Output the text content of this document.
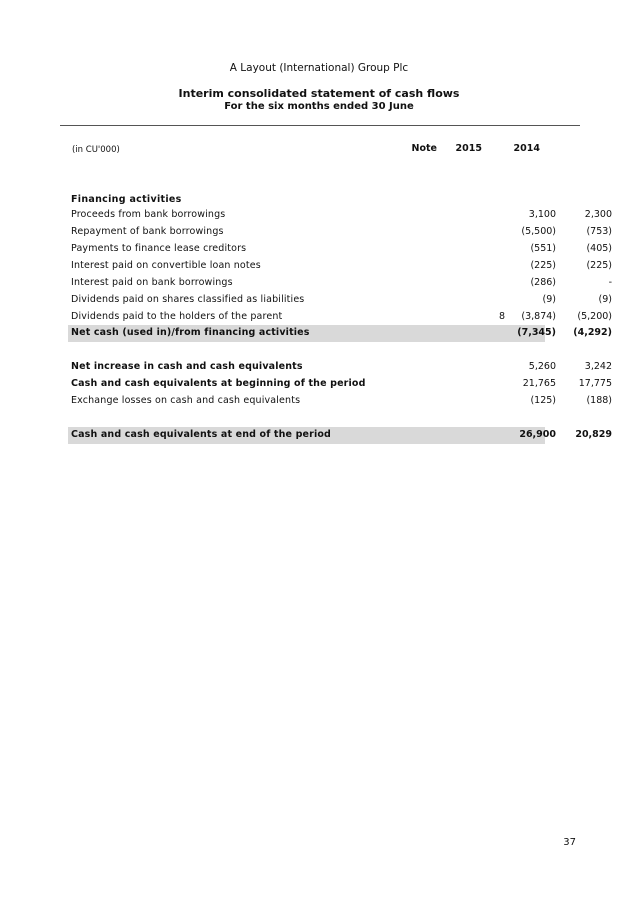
A Layout (International) Group Plc
Interim consolidated statement of cash flows
For the six months ended 30 June
(in CU'000)	Note	2015	2014
Financing activities
Proceeds from bank borrowings	3,100	2,300
Repayment of bank borrowings	(5,500)	(753)
Payments to finance lease creditors	(551)	(405)
Interest paid on convertible loan notes	(225)	(225)
Interest paid on bank borrowings	(286)	-
Dividends paid on shares classified as liabilities	(9)	(9)
Dividends paid to the holders of the parent	8	(3,874)	(5,200)
Net cash (used in)/from financing activities	(7,345)	(4,292)
Net increase in cash and cash equivalents	5,260	3,242
Cash and cash equivalents at beginning of the period	21,765	17,775
Exchange losses on cash and cash equivalents	(125)	(188)
Cash and cash equivalents at end of the period	26,900	20,829
37
